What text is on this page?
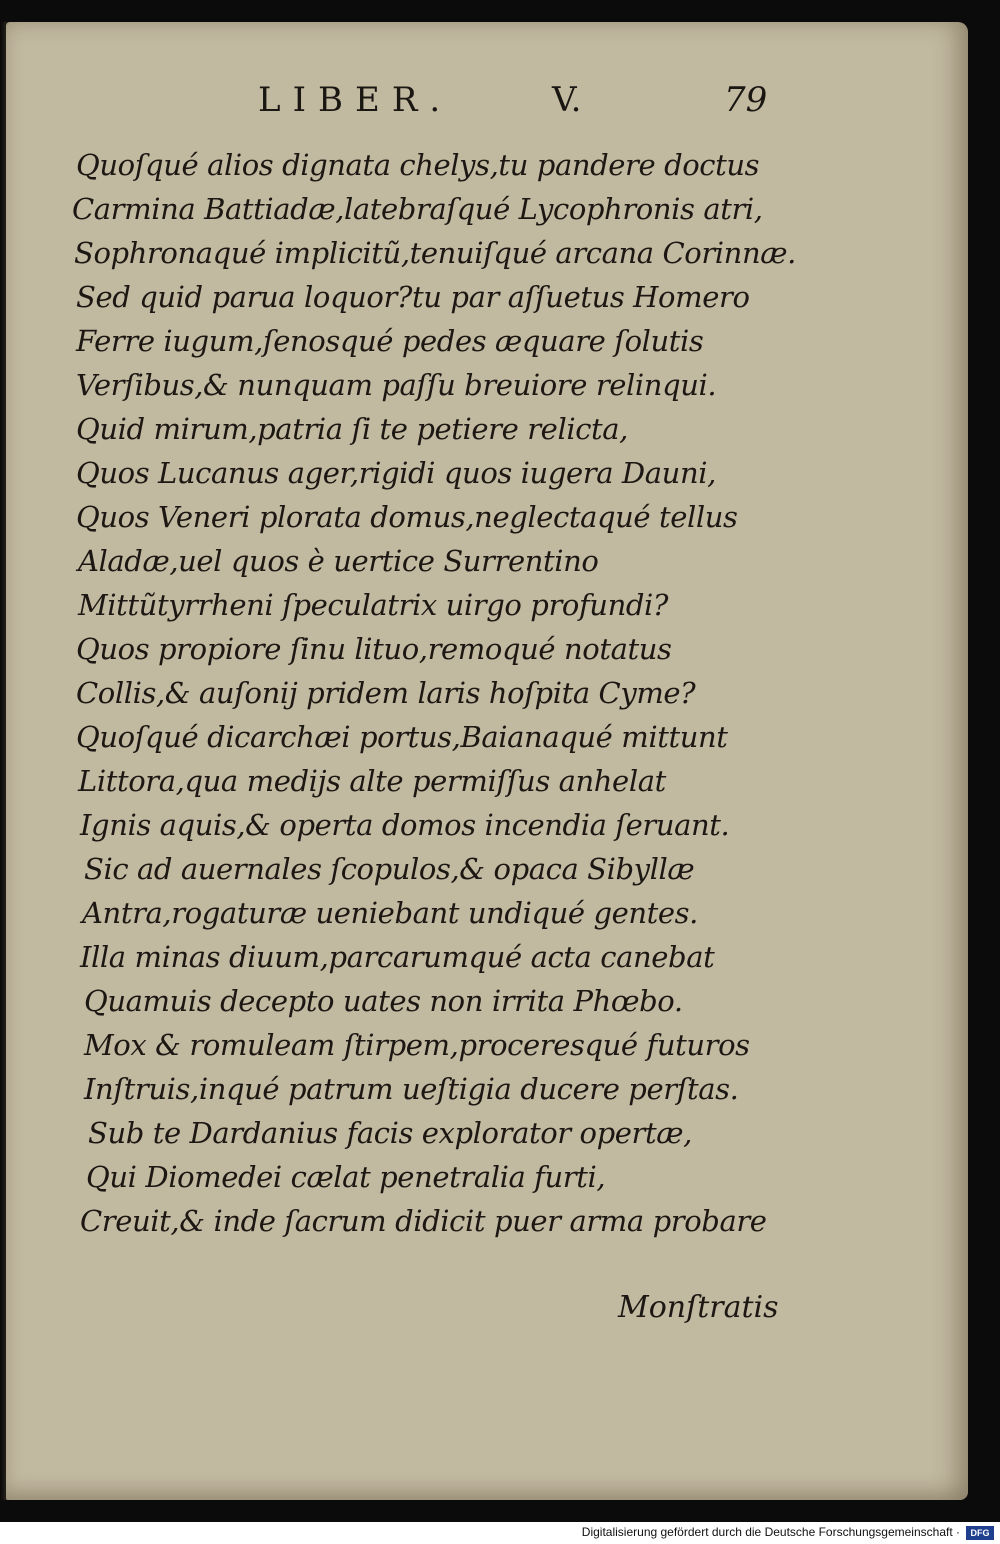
LIBER.	V.	79
Quoſqué alios dignata chelys,tu pandere doctus
Carmina Battiadæ,latebraſqué Lycophronis atri,
Sophronaqué implicitũ,tenuiſqué arcana Corinnæ.
Sed quid parua loquor?tu par aſſuetus Homero
Ferre iugum,ſenosqué pedes æquare ſolutis
Verſibus,& nunquam paſſu breuiore relinqui.
Quid mirum,patria ſi te petiere relicta,
Quos Lucanus ager,rigidi quos iugera Dauni,
Quos Veneri plorata domus,neglectaqué tellus
Aladæ,uel quos è uertice Surrentino
Mittũtyrrheni ſpeculatrix uirgo profundi?
Quos propiore ſinu lituo,remoqué notatus
Collis,& auſonij pridem laris hoſpita Cyme?
Quoſqué dicarchæi portus,Baianaqué mittunt
Littora,qua medijs alte permiſſus anhelat
Ignis aquis,& operta domos incendia ſeruant.
Sic ad auernales ſcopulos,& opaca Sibyllæ
Antra,rogaturæ ueniebant undiqué gentes.
Illa minas diuum,parcarumqué acta canebat
Quamuis decepto uates non irrita Phœbo.
Mox & romuleam ſtirpem,proceresqué futuros
Inſtruis,inqué patrum ueſtigia ducere perſtas.
Sub te Dardanius facis explorator opertæ,
Qui Diomedei cælat penetralia furti,
Creuit,& inde ſacrum didicit puer arma probare
Monſtratis
Digitalisierung gefördert durch die Deutsche Forschungsgemeinschaft ·	DFG
